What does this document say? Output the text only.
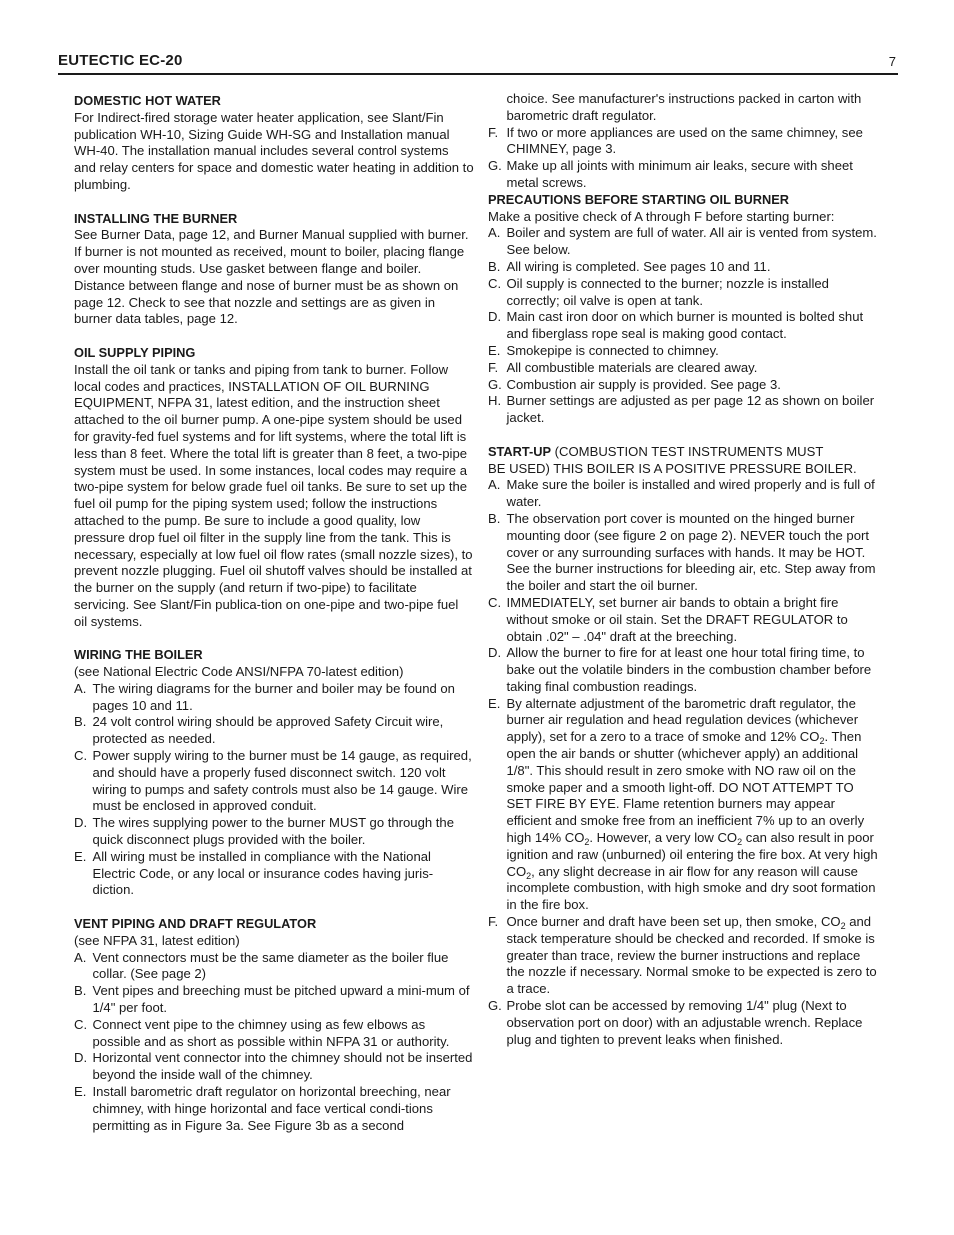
EUTECTIC EC-20	7
DOMESTIC HOT WATER

For Indirect-fired storage water heater application, see Slant/Fin publication WH-10, Sizing Guide WH-SG and Installation manual WH-40. The installation manual includes several control systems and relay centers for space and domestic water heating in addition to plumbing.

INSTALLING THE BURNER

See Burner Data, page 12, and Burner Manual supplied with burner. If burner is not mounted as received, mount to boiler, placing flange over mounting studs. Use gasket between flange and boiler. Distance between flange and nose of burner must be as shown on page 12. Check to see that nozzle and settings are as given in burner data tables, page 12.

OIL SUPPLY PIPING

Install the oil tank or tanks and piping from tank to burner. Follow local codes and practices, INSTALLATION OF OIL BURNING EQUIPMENT, NFPA 31, latest edition, and the instruction sheet attached to the oil burner pump. A one-pipe system should be used for gravity-fed fuel systems and for lift systems, where the total lift is less than 8 feet. Where the total lift is greater than 8 feet, a two-pipe system must be used. In some instances, local codes may require a two-pipe system for below grade fuel oil tanks. Be sure to set up the fuel oil pump for the piping system used; follow the instructions attached to the pump. Be sure to include a good quality, low pressure drop fuel oil filter in the supply line from the tank. This is necessary, especially at low fuel oil flow rates (small nozzle sizes), to prevent nozzle plugging. Fuel oil shutoff valves should be installed at the burner on the supply (and return if two-pipe) to facilitate servicing. See Slant/Fin publica-tion on one-pipe and two-pipe fuel oil systems.

WIRING THE BOILER

(see National Electric Code ANSI/NFPA 70-latest edition)

A. The wiring diagrams for the burner and boiler may be found on pages 10 and 11.
B. 24 volt control wiring should be approved Safety Circuit wire, protected as needed.
C. Power supply wiring to the burner must be 14 gauge, as required, and should have a properly fused disconnect switch. 120 volt wiring to pumps and safety controls must also be 14 gauge. Wire must be enclosed in approved conduit.
D. The wires supplying power to the burner MUST go through the quick disconnect plugs provided with the boiler.
E. All wiring must be installed in compliance with the National Electric Code, or any local or insurance codes having juris-diction.
VENT PIPING AND DRAFT REGULATOR

(see NFPA 31, latest edition)

A. Vent connectors must be the same diameter as the boiler flue collar. (See page 2)
B. Vent pipes and breeching must be pitched upward a mini-mum of 1/4" per foot.
C. Connect vent pipe to the chimney using as few elbows as possible and as short as possible within NFPA 31 or authority.
D. Horizontal vent connector into the chimney should not be inserted beyond the inside wall of the chimney.
E. Install barometric draft regulator on horizontal breeching, near chimney, with hinge horizontal and face vertical condi-tions permitting as in Figure 3a. See Figure 3b as a second
choice. See manufacturer's instructions packed in carton with barometric draft regulator.
F. If two or more appliances are used on the same chimney, see CHIMNEY, page 3.
G. Make up all joints with minimum air leaks, secure with sheet metal screws.
PRECAUTIONS BEFORE STARTING OIL BURNER

Make a positive check of A through F before starting burner:

A. Boiler and system are full of water. All air is vented from system. See below.
B. All wiring is completed. See pages 10 and 11.
C. Oil supply is connected to the burner; nozzle is installed correctly; oil valve is open at tank.
D. Main cast iron door on which burner is mounted is bolted shut and fiberglass rope seal is making good contact.
E. Smokepipe is connected to chimney.
F. All combustible materials are cleared away.
G. Combustion air supply is provided. See page 3.
H. Burner settings are adjusted as per page 12 as shown on boiler jacket.

START-UP (COMBUSTION TEST INSTRUMENTS MUST

BE USED) THIS BOILER IS A POSITIVE PRESSURE BOILER.

A. Make sure the boiler is installed and wired properly and is full of water.
B. The observation port cover is mounted on the hinged burner mounting door (see figure 2 on page 2). NEVER touch the port cover or any surrounding surfaces with hands. It may be HOT. See the burner instructions for bleeding air, etc. Step away from the boiler and start the oil burner.
C. IMMEDIATELY, set burner air bands to obtain a bright fire without smoke or oil stain. Set the DRAFT REGULATOR to obtain .02" – .04" draft at the breeching.
D. Allow the burner to fire for at least one hour total firing time, to bake out the volatile binders in the combustion chamber before taking final combustion readings.
E. By alternate adjustment of the barometric draft regulator, the burner air regulation and head regulation devices (whichever apply), set for a zero to a trace of smoke and 12% $CO_2$. Then open the air bands or shutter (whichever apply) an additional 1/8". This should result in zero smoke with NO raw oil on the smoke paper and a smooth light-off. DO NOT ATTEMPT TO SET FIRE BY EYE. Flame retention burners may appear efficient and smoke free from an inefficient 7% up to an overly high 14% $CO_2$. However, a very low $CO_2$ can also result in poor ignition and raw (unburned) oil entering the fire box. At very high $CO_2$, any slight decrease in air flow for any reason will cause incomplete combustion, with high smoke and dry soot formation in the fire box.
F. Once burner and draft have been set up, then smoke, $CO_2$ and stack temperature should be checked and recorded. If smoke is greater than trace, review the burner instructions and replace the nozzle if necessary. Normal smoke to be expected is zero to a trace.
G. Probe slot can be accessed by removing 1/4" plug (Next to observation port on door) with an adjustable wrench. Replace plug and tighten to prevent leaks when finished.
